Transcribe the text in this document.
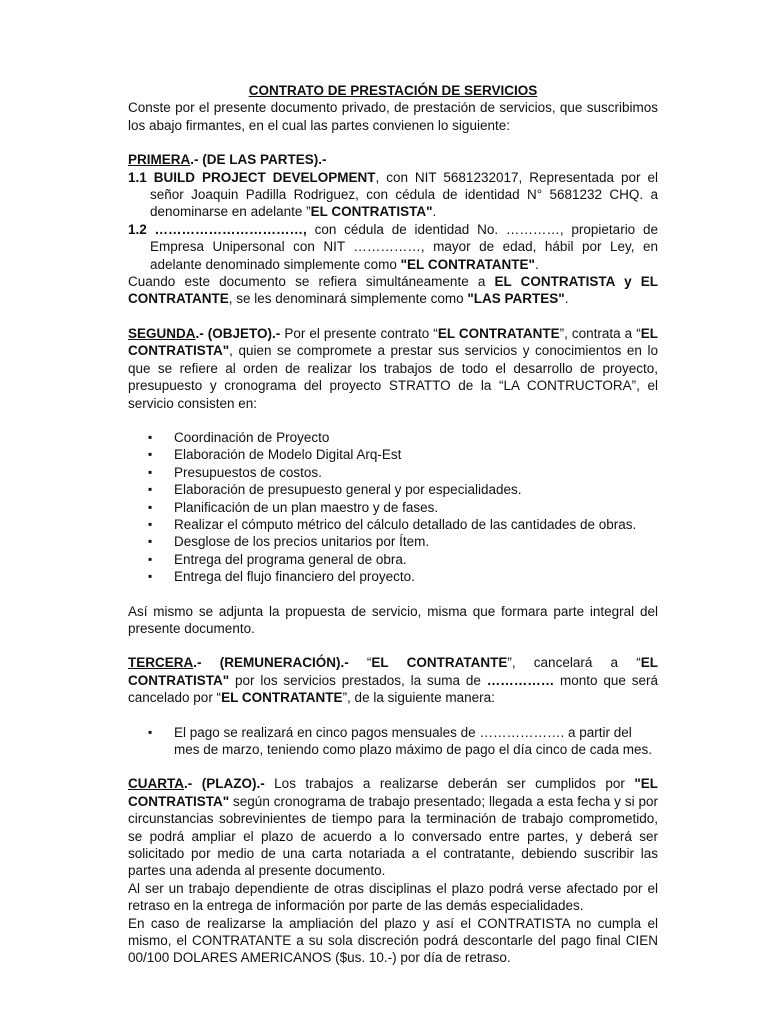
CONTRATO DE PRESTACIÓN DE SERVICIOS

Conste por el presente documento privado, de prestación de servicios, que suscribimos los abajo firmantes, en el cual las partes convienen lo siguiente:

PRIMERA.- (DE LAS PARTES).-

1.1 BUILD PROJECT DEVELOPMENT, con NIT 5681232017, Representada por el señor Joaquin Padilla Rodriguez, con cédula de identidad N° 5681232 CHQ. a denominarse en adelante ”EL CONTRATISTA".

1.2 ……………………………, con cédula de identidad No. …………, propietario de Empresa Unipersonal con NIT ……………, mayor de edad, hábil por Ley, en adelante denominado simplemente como "EL CONTRATANTE".

Cuando este documento se refiera simultáneamente a EL CONTRATISTA y EL CONTRATANTE, se les denominará simplemente como "LAS PARTES".

SEGUNDA.- (OBJETO).- Por el presente contrato “EL CONTRATANTE”, contrata a “EL CONTRATISTA", quien se compromete a prestar sus servicios y conocimientos en lo que se refiere al orden de realizar los trabajos de todo el desarrollo de proyecto, presupuesto y cronograma del proyecto STRATTO de la “LA CONTRUCTORA”, el servicio consisten en:

▪ Coordinación de Proyecto
▪ Elaboración de Modelo Digital Arq-Est
▪ Presupuestos de costos.
▪ Elaboración de presupuesto general y por especialidades.
▪ Planificación de un plan maestro y de fases.
▪ Realizar el cómputo métrico del cálculo detallado de las cantidades de obras.
▪ Desglose de los precios unitarios por Ítem.
▪ Entrega del programa general de obra.
▪ Entrega del flujo financiero del proyecto.

Así mismo se adjunta la propuesta de servicio, misma que formara parte integral del presente documento.

TERCERA.- (REMUNERACIÓN).- “EL CONTRATANTE”, cancelará a “EL CONTRATISTA" por los servicios prestados, la suma de …………… monto que será cancelado por “EL CONTRATANTE”, de la siguiente manera:

▪ El pago se realizará en cinco pagos mensuales de ………………. a partir del mes de marzo, teniendo como plazo máximo de pago el día cinco de cada mes.

CUARTA.- (PLAZO).- Los trabajos a realizarse deberán ser cumplidos por "EL CONTRATISTA" según cronograma de trabajo presentado; llegada a esta fecha y si por circunstancias sobrevinientes de tiempo para la terminación de trabajo comprometido, se podrá ampliar el plazo de acuerdo a lo conversado entre partes, y deberá ser solicitado por medio de una carta notariada a el contratante, debiendo suscribir las partes una adenda al presente documento.

Al ser un trabajo dependiente de otras disciplinas el plazo podrá verse afectado por el retraso en la entrega de información por parte de las demás especialidades.

En caso de realizarse la ampliación del plazo y así el CONTRATISTA no cumpla el mismo, el CONTRATANTE a su sola discreción podrá descontarle del pago final CIEN 00/100 DOLARES AMERICANOS ($us. 10.-) por día de retraso.
